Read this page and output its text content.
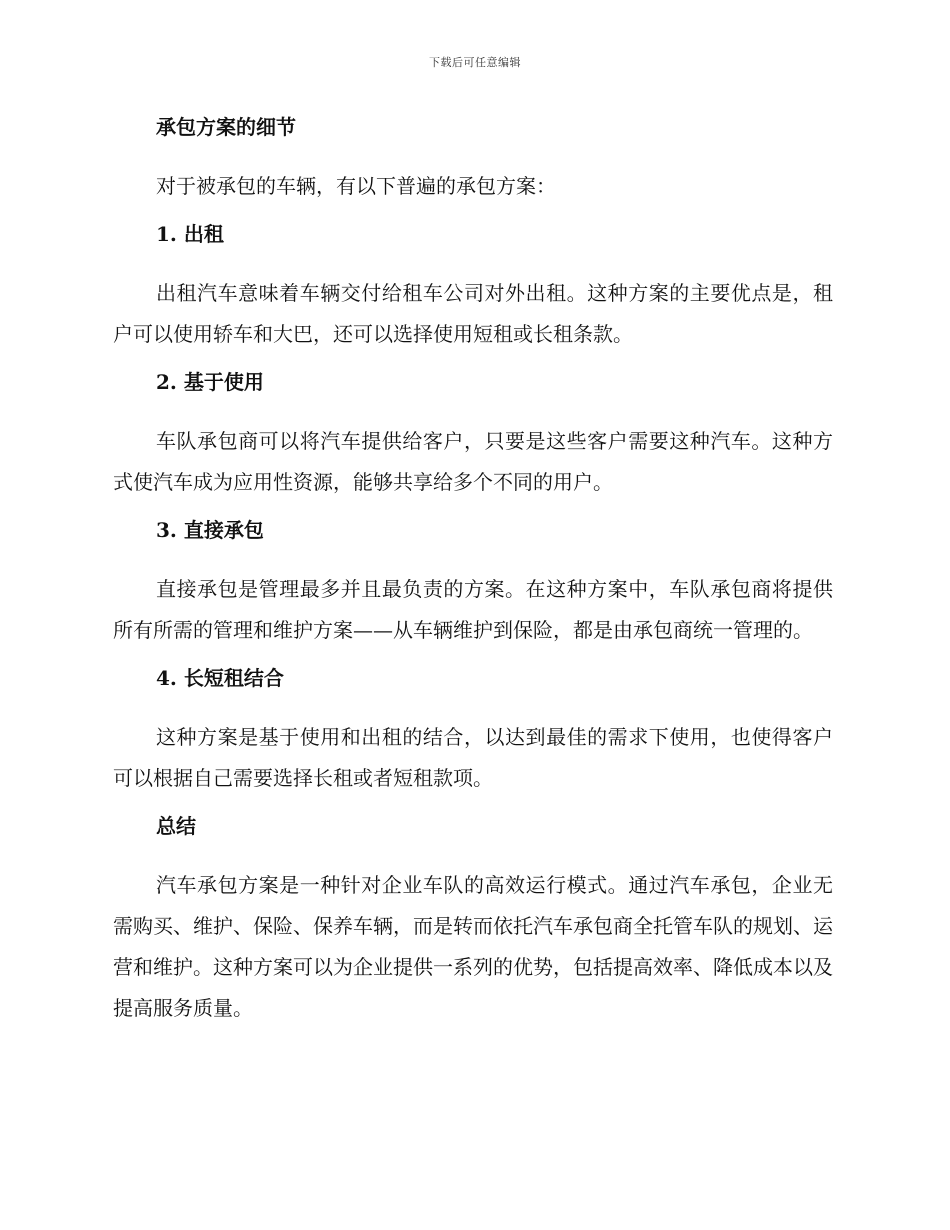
下载后可任意编辑
承包方案的细节

对于被承包的车辆，有以下普遍的承包方案：

1. 出租

出租汽车意味着车辆交付给租车公司对外出租。这种方案的主要优点是，租户可以使用轿车和大巴，还可以选择使用短租或长租条款。

2. 基于使用

车队承包商可以将汽车提供给客户，只要是这些客户需要这种汽车。这种方式使汽车成为应用性资源，能够共享给多个不同的用户。

3. 直接承包

直接承包是管理最多并且最负责的方案。在这种方案中，车队承包商将提供所有所需的管理和维护方案——从车辆维护到保险，都是由承包商统一管理的。

4. 长短租结合

这种方案是基于使用和出租的结合，以达到最佳的需求下使用，也使得客户可以根据自己需要选择长租或者短租款项。

总结

汽车承包方案是一种针对企业车队的高效运行模式。通过汽车承包，企业无需购买、维护、保险、保养车辆，而是转而依托汽车承包商全托管车队的规划、运营和维护。这种方案可以为企业提供一系列的优势，包括提高效率、降低成本以及提高服务质量。
